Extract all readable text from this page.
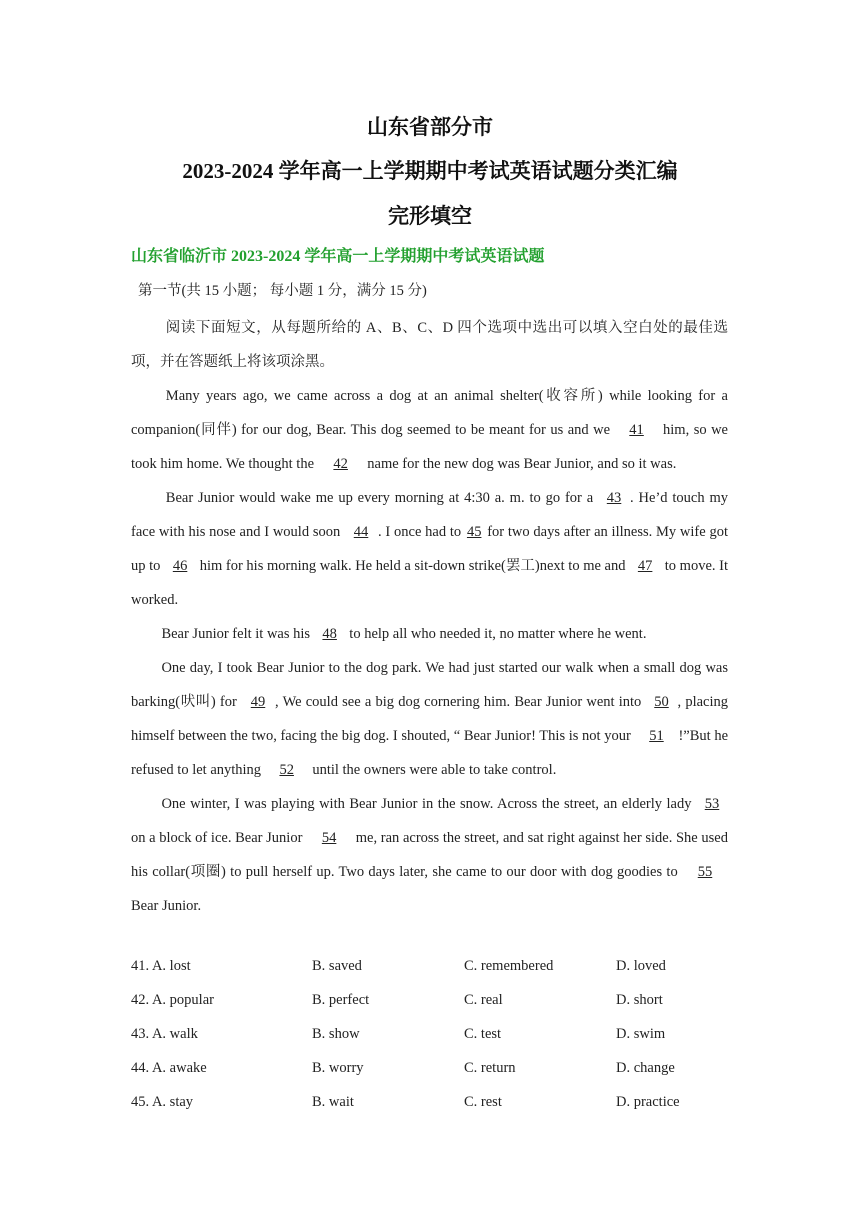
山东省部分市
2023-2024 学年高一上学期期中考试英语试题分类汇编
完形填空

山东省临沂市 2023-2024 学年高一上学期期中考试英语试题

第一节(共 15 小题； 每小题 1 分，满分 15 分)

阅读下面短文，从每题所给的 A、B、C、D 四个选项中选出可以填入空白处的最佳选项，并在答题纸上将该项涂黑。

Many years ago, we came across a dog at an animal shelter(收容所) while looking for a companion(同伴) for our dog, Bear. This dog seemed to be meant for us and we 41 him, so we took him home. We thought the 42 name for the new dog was Bear Junior, and so it was.

Bear Junior would wake me up every morning at 4:30 a. m. to go for a 43 . He’d touch my face with his nose and I would soon 44 . I once had to 45 for two days after an illness. My wife got up to 46 him for his morning walk. He held a sit-down strike(罢工)next to me and 47 to move. It worked.

Bear Junior felt it was his 48 to help all who needed it, no matter where he went.

One day, I took Bear Junior to the dog park. We had just started our walk when a small dog was barking(吠叫) for 49 , We could see a big dog cornering him. Bear Junior went into 50 , placing himself between the two, facing the big dog. I shouted, “ Bear Junior! This is not your 51 !”But he refused to let anything 52 until the owners were able to take control.

One winter, I was playing with Bear Junior in the snow. Across the street, an elderly lady 53 on a block of ice. Bear Junior 54 me, ran across the street, and sat right against her side. She used his collar(项圈) to pull herself up. Two days later, she came to our door with dog goodies to 55 Bear Junior.

41. A. lost	B. saved	C. remembered	D. loved
42. A. popular	B. perfect	C. real	D. short
43. A. walk	B. show	C. test	D. swim
44. A. awake	B. worry	C. return	D. change
45. A. stay	B. wait	C. rest	D. practice
